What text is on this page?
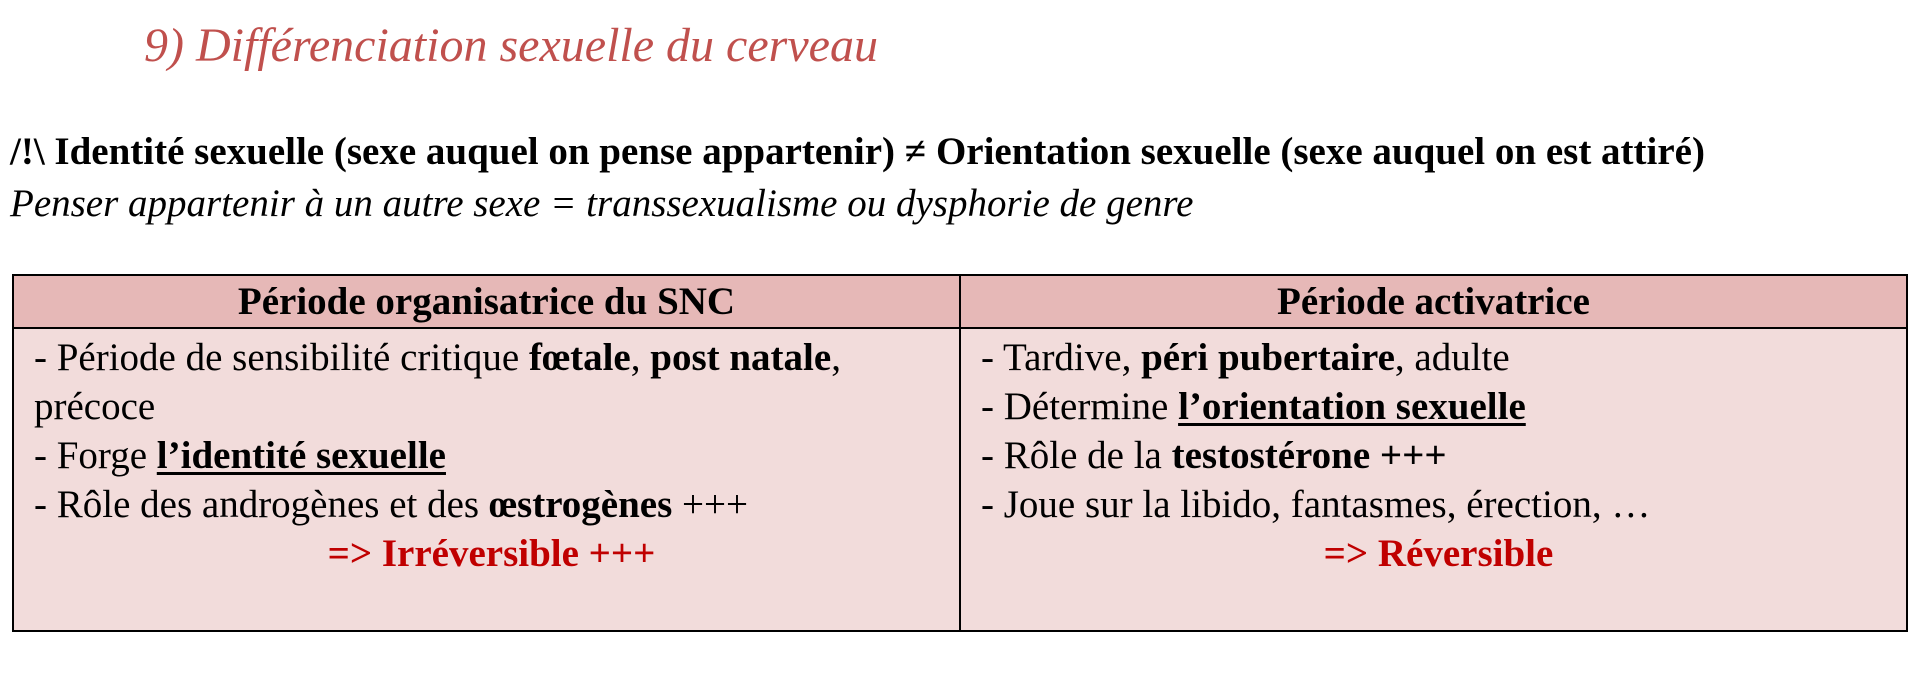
9) Différenciation sexuelle du cerveau
/!\ Identité sexuelle (sexe auquel on pense appartenir) ≠ Orientation sexuelle (sexe auquel on est attiré)
Penser appartenir à un autre sexe = transsexualisme ou dysphorie de genre
Période organisatrice du SNC	Période activatrice
- Période de sensibilité critique fœtale, post natale,
précoce
- Forge l’identité sexuelle
- Rôle des androgènes et des œstrogènes +++
=> Irréversible +++
- Tardive, péri pubertaire, adulte
- Détermine l’orientation sexuelle
- Rôle de la testostérone +++
- Joue sur la libido, fantasmes, érection, …
=> Réversible
